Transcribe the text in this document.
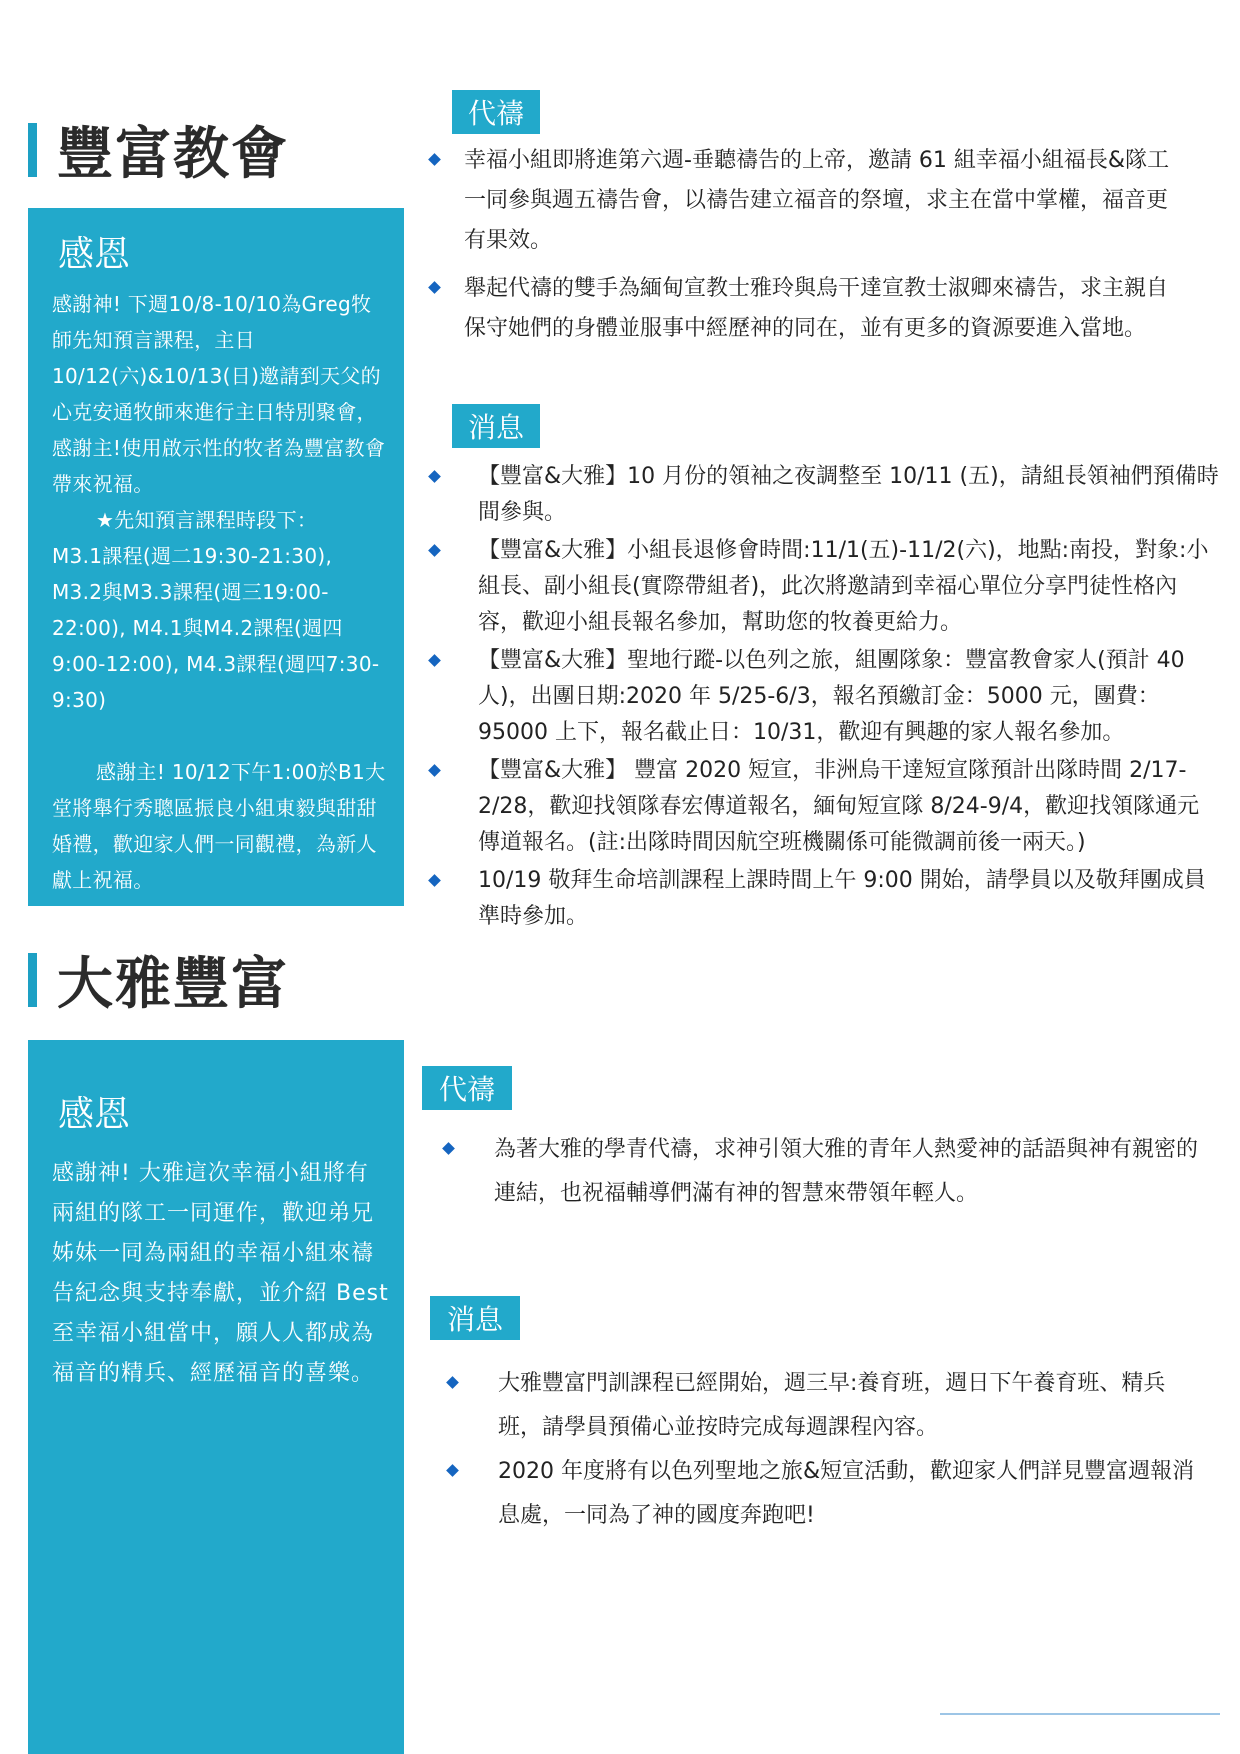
豐富教會
感恩

感謝神! 下週10/8-10/10為Greg牧師先知預言課程，主日10/12(六)&10/13(日)邀請到天父的心克安通牧師來進行主日特別聚會，感謝主!使用啟示性的牧者為豐富教會帶來祝福。

★先知預言課程時段下：

M3.1課程(週二19:30-21:30),　M3.2與M3.3課程(週三19:00-22:00), M4.1與M4.2課程(週四9:00-12:00), M4.3課程(週四7:30-9:30)

感謝主! 10/12下午1:00於B1大堂將舉行秀聰區振良小組東毅與甜甜婚禮，歡迎家人們一同觀禮，為新人獻上祝福。

代禱
幸福小組即將進第六週-垂聽禱告的上帝，邀請 61 組幸福小組福長&隊工一同參與週五禱告會，以禱告建立福音的祭壇，求主在當中掌權，福音更有果效。
舉起代禱的雙手為緬甸宣教士雅玲與烏干達宣教士淑卿來禱告，求主親自保守她們的身體並服事中經歷神的同在，並有更多的資源要進入當地。
消息
【豐富&大雅】10 月份的領袖之夜調整至 10/11 (五)，請組長領袖們預備時間參與。
【豐富&大雅】小組長退修會時間:11/1(五)-11/2(六)，地點:南投，對象:小組長、副小組長(實際帶組者)，此次將邀請到幸福心單位分享門徒性格內容，歡迎小組長報名參加，幫助您的牧養更給力。
【豐富&大雅】聖地行蹤-以色列之旅，組團隊象：豐富教會家人(預計 40 人)，出團日期:2020 年 5/25-6/3，報名預繳訂金：5000 元，團費：95000 上下，報名截止日：10/31，歡迎有興趣的家人報名參加。
【豐富&大雅】 豐富 2020 短宣，非洲烏干達短宣隊預計出隊時間 2/17-2/28，歡迎找領隊春宏傳道報名，緬甸短宣隊 8/24-9/4，歡迎找領隊通元傳道報名。(註:出隊時間因航空班機關係可能微調前後一兩天。)
10/19 敬拜生命培訓課程上課時間上午 9:00 開始，請學員以及敬拜團成員準時參加。
大雅豐富
感恩

感謝神! 大雅這次幸福小組將有兩組的隊工一同運作，歡迎弟兄姊妹一同為兩組的幸福小組來禱告紀念與支持奉獻，並介紹 Best 至幸福小組當中，願人人都成為福音的精兵、經歷福音的喜樂。

代禱
為著大雅的學青代禱，求神引領大雅的青年人熱愛神的話語與神有親密的連結，也祝福輔導們滿有神的智慧來帶領年輕人。
消息
大雅豐富門訓課程已經開始，週三早:養育班，週日下午養育班、精兵班，請學員預備心並按時完成每週課程內容。
2020 年度將有以色列聖地之旅&短宣活動，歡迎家人們詳見豐富週報消息處，一同為了神的國度奔跑吧!
